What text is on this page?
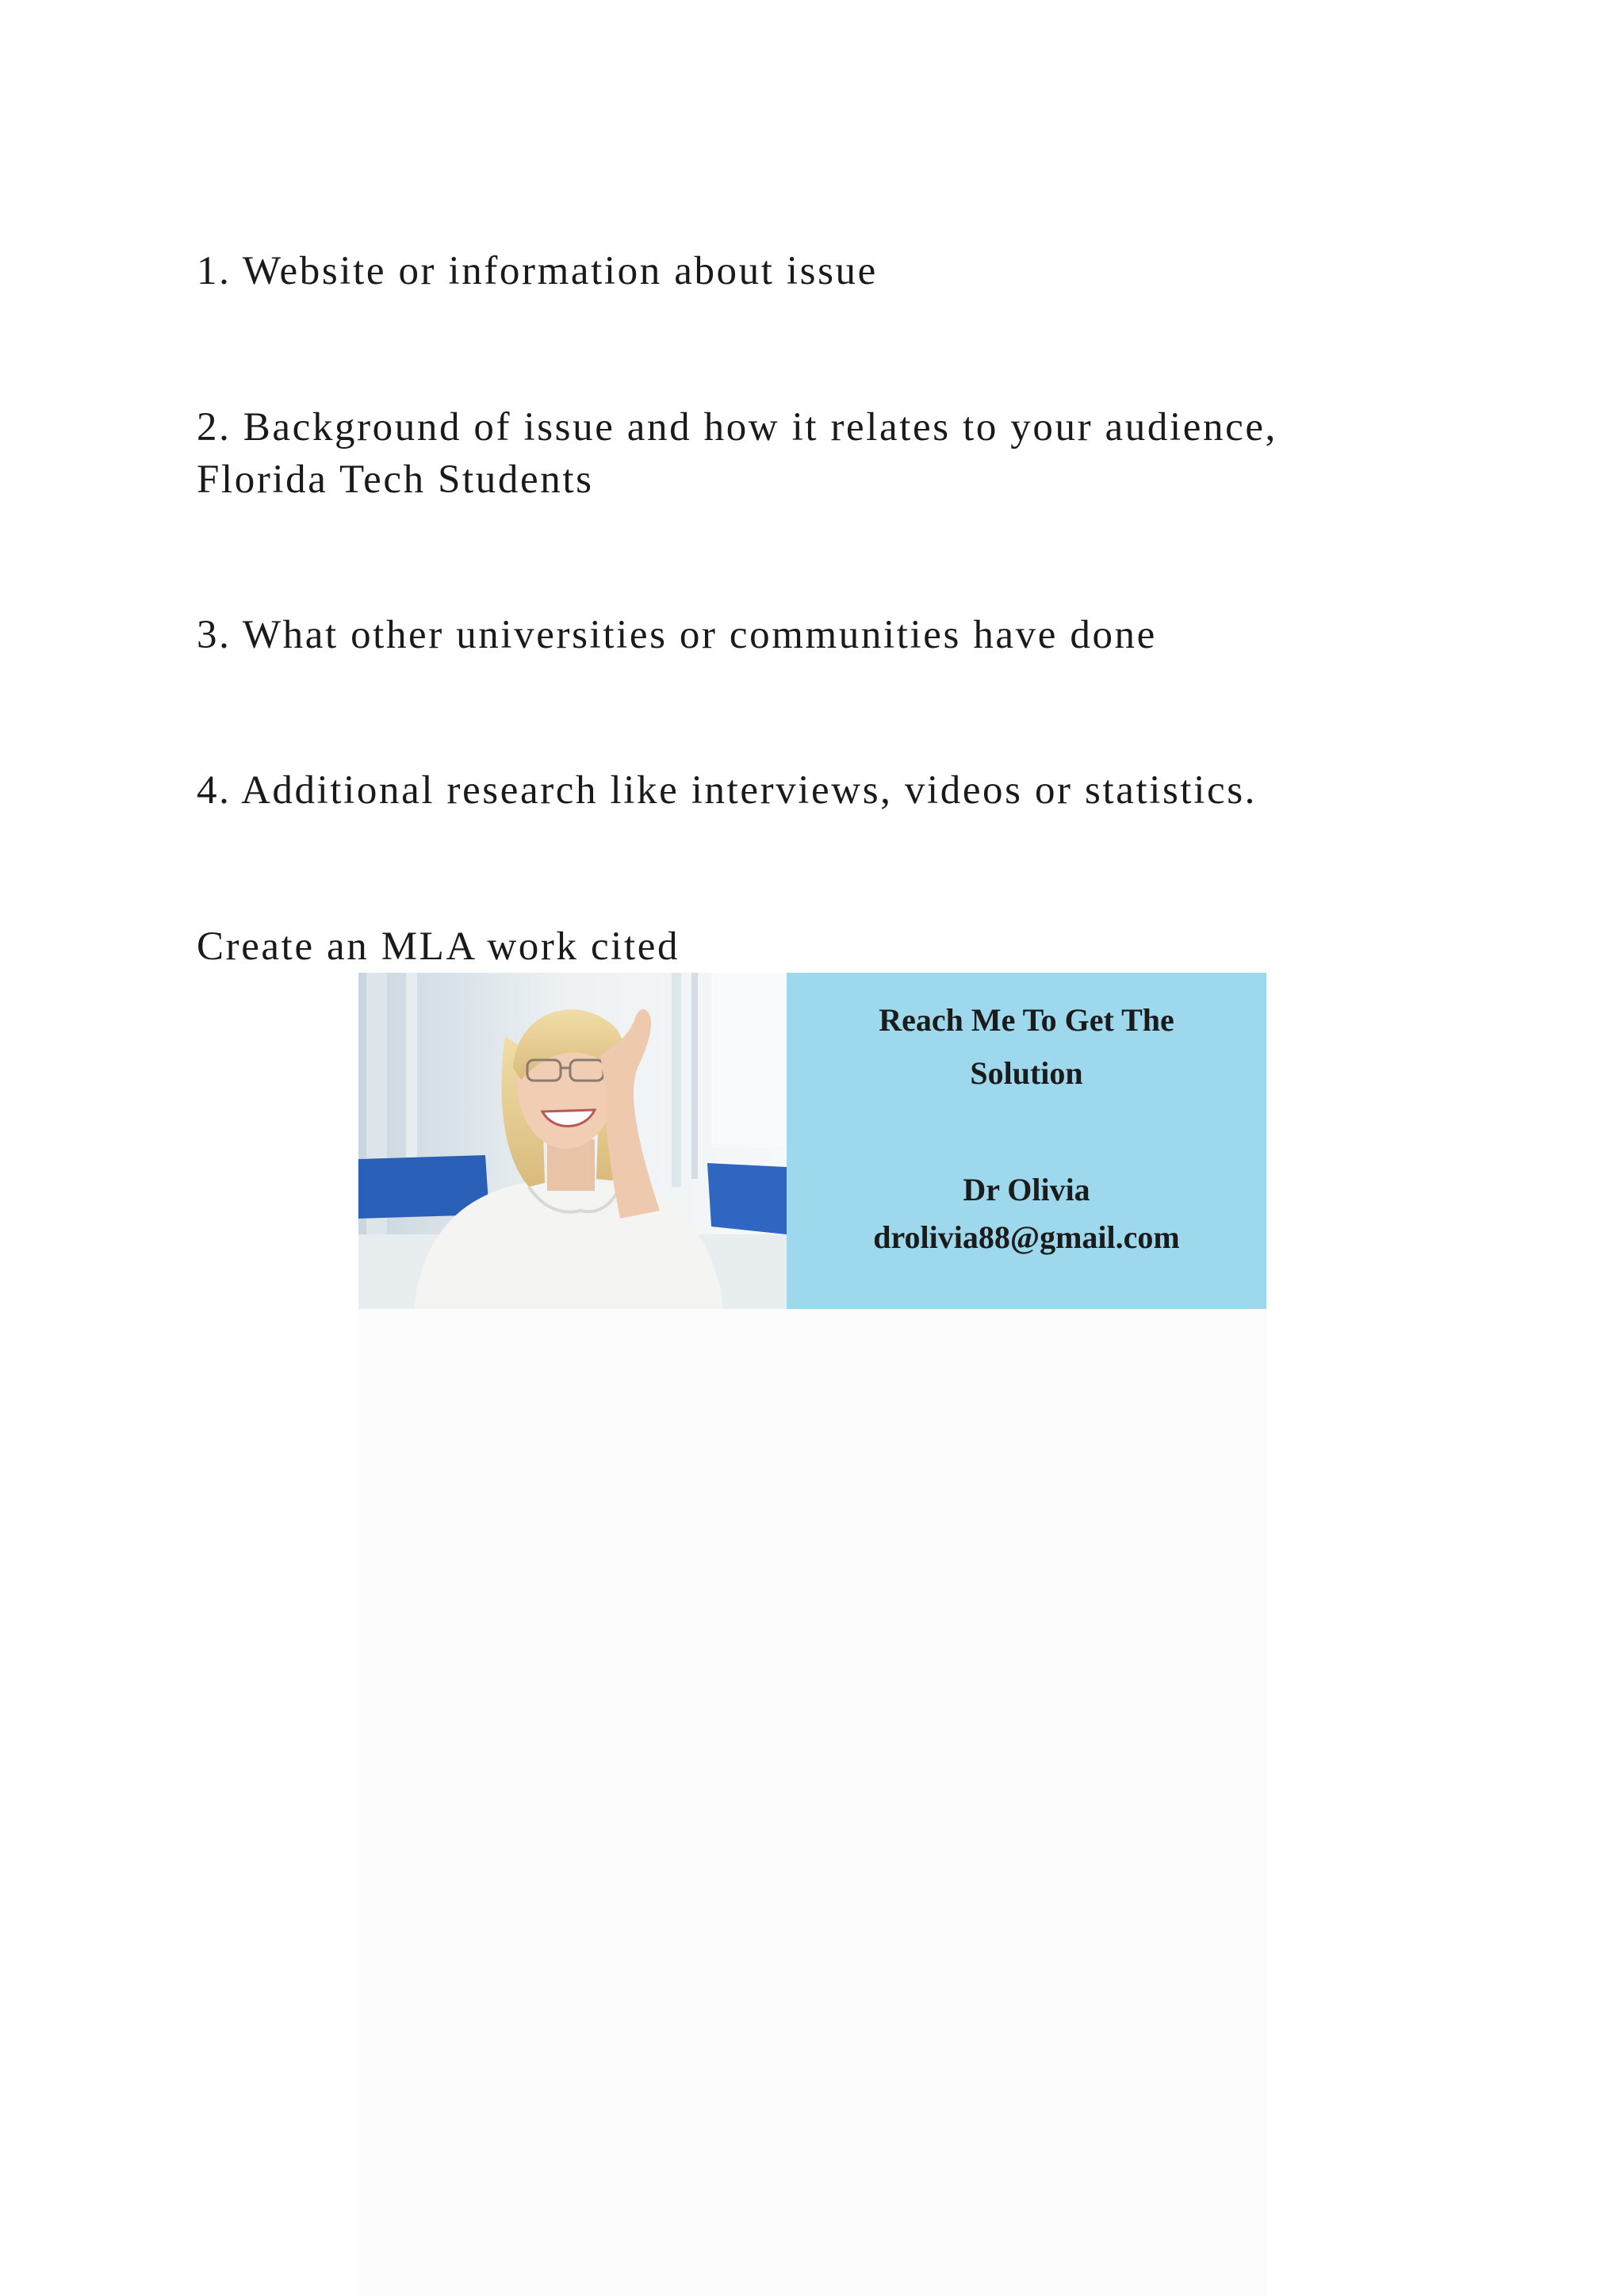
1. Website or information about issue

2. Background of issue and how it relates to your audience,

Florida Tech Students

3. What other universities or communities have done

4. Additional research like interviews, videos or statistics.

Create an MLA work cited

Reach Me To Get The

Solution

Dr Olivia

drolivia88@gmail.com
